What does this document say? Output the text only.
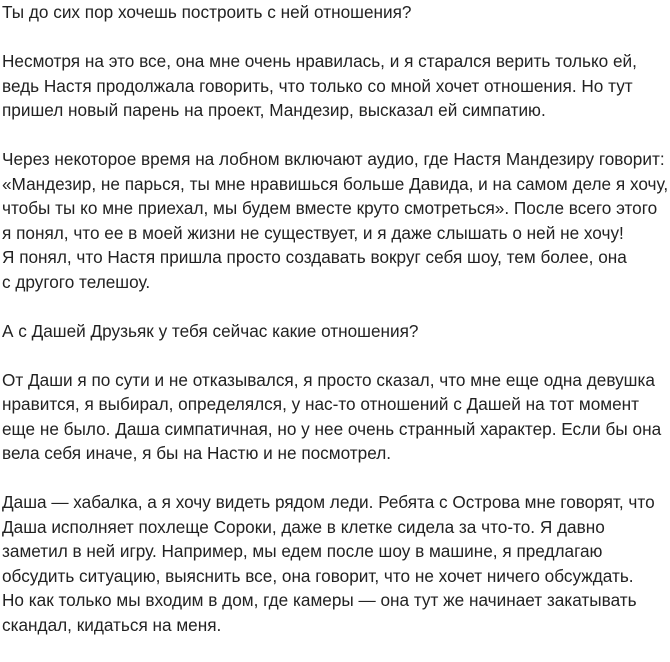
Ты до сих пор хочешь построить с ней отношения?

Несмотря на это все, она мне очень нравилась, и я старался верить только ей,
ведь Настя продолжала говорить, что только со мной хочет отношения. Но тут
пришел новый парень на проект, Мандезир, высказал ей симпатию.

Через некоторое время на лобном включают аудио, где Настя Мандезиру говорит:
«Мандезир, не парься, ты мне нравишься больше Давида, и на самом деле я хочу,
чтобы ты ко мне приехал, мы будем вместе круто смотреться». После всего этого
я понял, что ее в моей жизни не существует, и я даже слышать о ней не хочу!
Я понял, что Настя пришла просто создавать вокруг себя шоу, тем более, она
с другого телешоу.

А с Дашей Друзьяк у тебя сейчас какие отношения?

От Даши я по сути и не отказывался, я просто сказал, что мне еще одна девушка
нравится, я выбирал, определялся, у нас-то отношений с Дашей на тот момент
еще не было. Даша симпатичная, но у нее очень странный характер. Если бы она
вела себя иначе, я бы на Настю и не посмотрел.

Даша — хабалка, а я хочу видеть рядом леди. Ребята с Острова мне говорят, что
Даша исполняет похлеще Сороки, даже в клетке сидела за что-то. Я давно
заметил в ней игру. Например, мы едем после шоу в машине, я предлагаю
обсудить ситуацию, выяснить все, она говорит, что не хочет ничего обсуждать.
Но как только мы входим в дом, где камеры — она тут же начинает закатывать
скандал, кидаться на меня.
